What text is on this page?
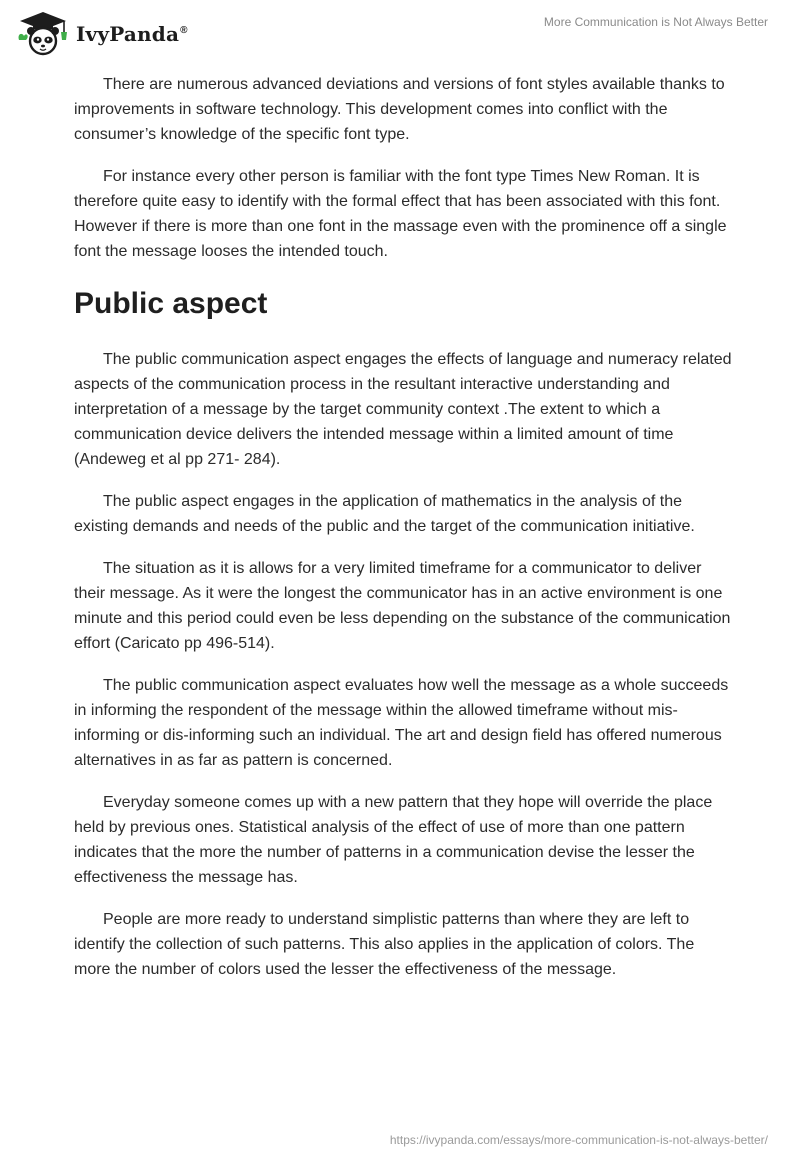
IvyPanda®
More Communication is Not Always Better

There are numerous advanced deviations and versions of font styles available thanks to improvements in software technology. This development comes into conflict with the consumer’s knowledge of the specific font type.

For instance every other person is familiar with the font type Times New Roman. It is therefore quite easy to identify with the formal effect that has been associated with this font. However if there is more than one font in the massage even with the prominence off a single font the message looses the intended touch.

Public aspect

The public communication aspect engages the effects of language and numeracy related aspects of the communication process in the resultant interactive understanding and interpretation of a message by the target community context .The extent to which a communication device delivers the intended message within a limited amount of time (Andeweg et al pp 271- 284).

The public aspect engages in the application of mathematics in the analysis of the existing demands and needs of the public and the target of the communication initiative.

The situation as it is allows for a very limited timeframe for a communicator to deliver their message. As it were the longest the communicator has in an active environment is one minute and this period could even be less depending on the substance of the communication effort (Caricato pp 496-514).

The public communication aspect evaluates how well the message as a whole succeeds in informing the respondent of the message within the allowed timeframe without mis-informing or dis-informing such an individual. The art and design field has offered numerous alternatives in as far as pattern is concerned.

Everyday someone comes up with a new pattern that they hope will override the place held by previous ones. Statistical analysis of the effect of use of more than one pattern indicates that the more the number of patterns in a communication devise the lesser the effectiveness the message has.

People are more ready to understand simplistic patterns than where they are left to identify the collection of such patterns. This also applies in the application of colors. The more the number of colors used the lesser the effectiveness of the message.

https://ivypanda.com/essays/more-communication-is-not-always-better/
